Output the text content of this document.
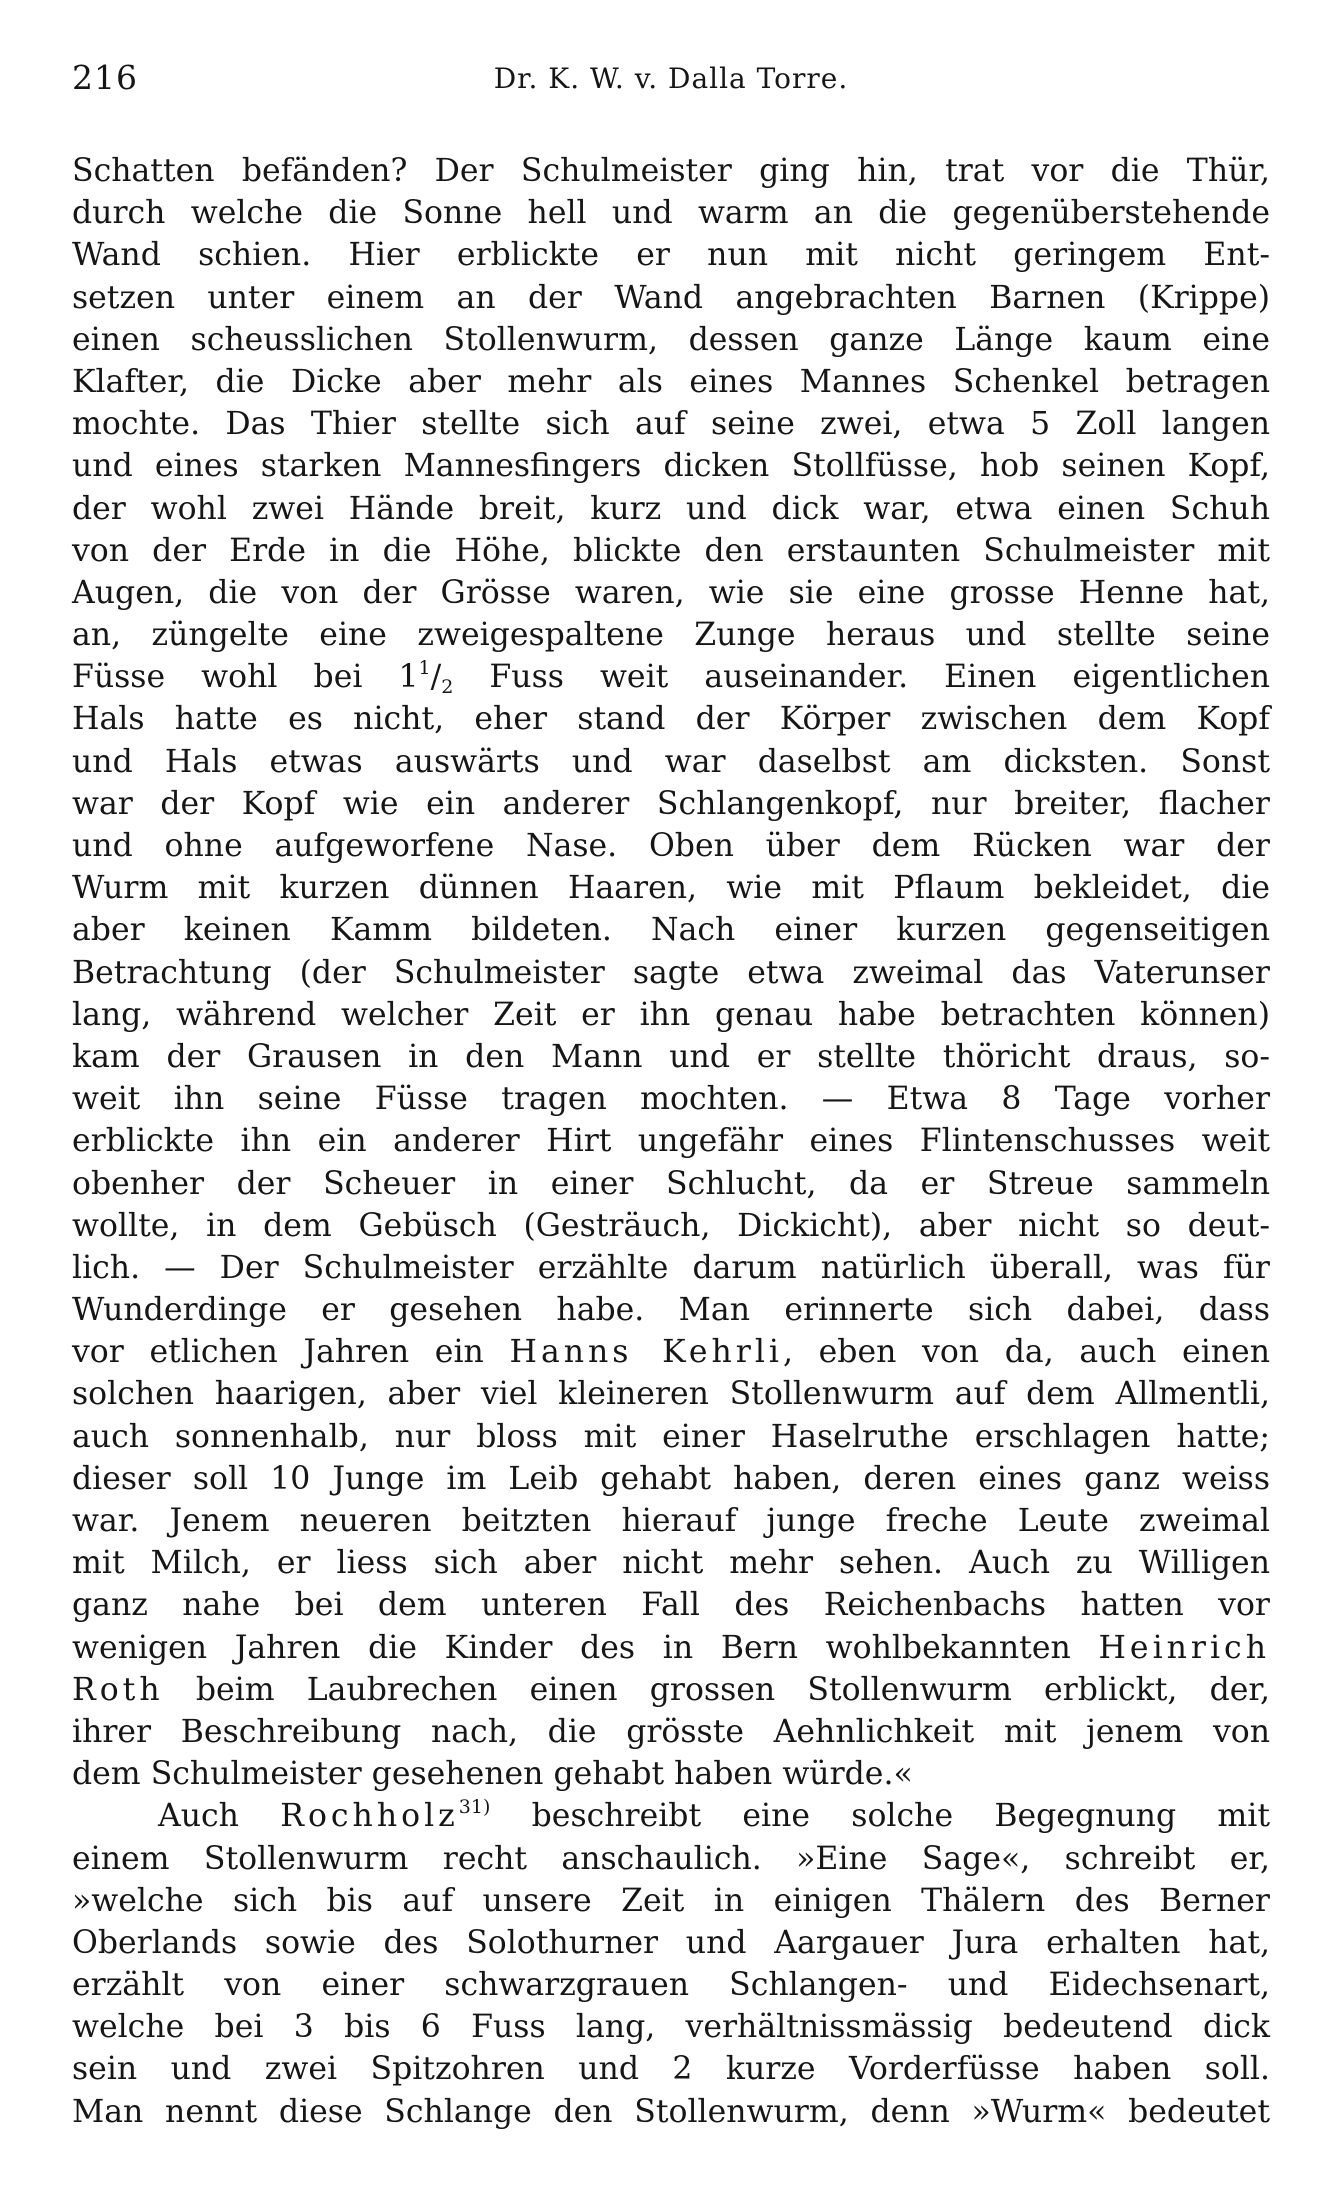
216	Dr. K. W. v. Dalla Torre.
Schatten befänden? Der Schulmeister ging hin, trat vor die Thür,
durch welche die Sonne hell und warm an die gegenüberstehende
Wand schien. Hier erblickte er nun mit nicht geringem Ent-
setzen unter einem an der Wand angebrachten Barnen (Krippe)
einen scheusslichen Stollenwurm, dessen ganze Länge kaum eine
Klafter, die Dicke aber mehr als eines Mannes Schenkel betragen
mochte. Das Thier stellte sich auf seine zwei, etwa 5 Zoll langen
und eines starken Mannesfingers dicken Stollfüsse, hob seinen Kopf,
der wohl zwei Hände breit, kurz und dick war, etwa einen Schuh
von der Erde in die Höhe, blickte den erstaunten Schulmeister mit
Augen, die von der Grösse waren, wie sie eine grosse Henne hat,
an, züngelte eine zweigespaltene Zunge heraus und stellte seine
Füsse wohl bei $1^1/_2$ Fuss weit auseinander. Einen eigentlichen
Hals hatte es nicht, eher stand der Körper zwischen dem Kopf
und Hals etwas auswärts und war daselbst am dicksten. Sonst
war der Kopf wie ein anderer Schlangenkopf, nur breiter, flacher
und ohne aufgeworfene Nase. Oben über dem Rücken war der
Wurm mit kurzen dünnen Haaren, wie mit Pflaum bekleidet, die
aber keinen Kamm bildeten. Nach einer kurzen gegenseitigen
Betrachtung (der Schulmeister sagte etwa zweimal das Vaterunser
lang, während welcher Zeit er ihn genau habe betrachten können)
kam der Grausen in den Mann und er stellte thöricht draus, so-
weit ihn seine Füsse tragen mochten. — Etwa 8 Tage vorher
erblickte ihn ein anderer Hirt ungefähr eines Flintenschusses weit
obenher der Scheuer in einer Schlucht, da er Streue sammeln
wollte, in dem Gebüsch (Gesträuch, Dickicht), aber nicht so deut-
lich. — Der Schulmeister erzählte darum natürlich überall, was für
Wunderdinge er gesehen habe. Man erinnerte sich dabei, dass
vor etlichen Jahren ein Hanns Kehrli, eben von da, auch einen
solchen haarigen, aber viel kleineren Stollenwurm auf dem Allmentli,
auch sonnenhalb, nur bloss mit einer Haselruthe erschlagen hatte;
dieser soll 10 Junge im Leib gehabt haben, deren eines ganz weiss
war. Jenem neueren beitzten hierauf junge freche Leute zweimal
mit Milch, er liess sich aber nicht mehr sehen. Auch zu Willigen
ganz nahe bei dem unteren Fall des Reichenbachs hatten vor
wenigen Jahren die Kinder des in Bern wohlbekannten Heinrich
Roth beim Laubrechen einen grossen Stollenwurm erblickt, der,
ihrer Beschreibung nach, die grösste Aehnlichkeit mit jenem von
dem Schulmeister gesehenen gehabt haben würde.«
Auch Rochholz$^{31)}$ beschreibt eine solche Begegnung mit
einem Stollenwurm recht anschaulich. »Eine Sage«, schreibt er,
»welche sich bis auf unsere Zeit in einigen Thälern des Berner
Oberlands sowie des Solothurner und Aargauer Jura erhalten hat,
erzählt von einer schwarzgrauen Schlangen- und Eidechsenart,
welche bei 3 bis 6 Fuss lang, verhältnissmässig bedeutend dick
sein und zwei Spitzohren und 2 kurze Vorderfüsse haben soll.
Man nennt diese Schlange den Stollenwurm, denn »Wurm« bedeutet
